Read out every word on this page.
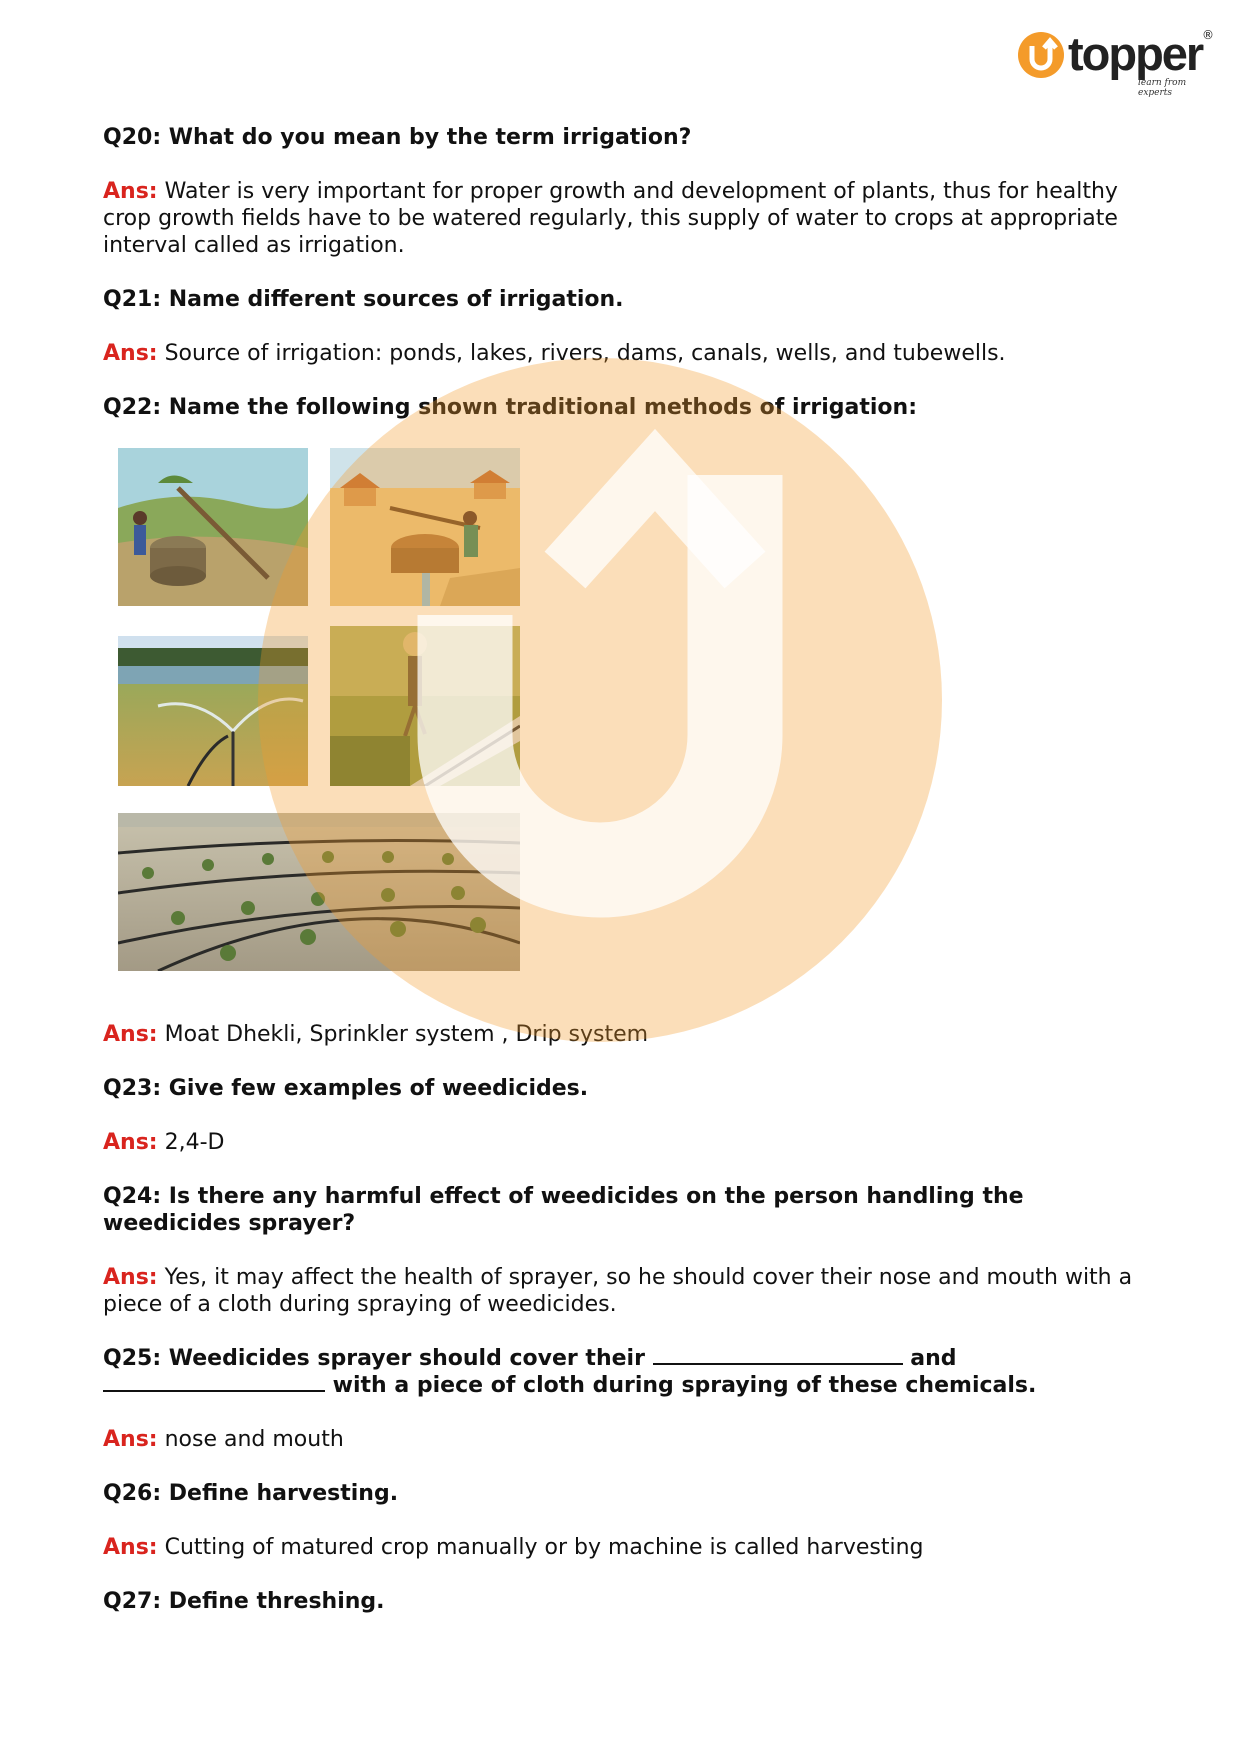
topper ®
learn from experts
Q20: What do you mean by the term irrigation?
Ans: Water is very important for proper growth and development of plants, thus for healthy crop growth fields have to be watered regularly, this supply of water to crops at appropriate interval called as irrigation.
Q21: Name different sources of irrigation.
Ans: Source of irrigation: ponds, lakes, rivers, dams, canals, wells, and tubewells.
Q22: Name the following shown traditional methods of irrigation:
Ans: Moat Dhekli, Sprinkler system , Drip system
Q23: Give few examples of weedicides.
Ans: 2,4-D
Q24: Is there any harmful effect of weedicides on the person handling the weedicides sprayer?
Ans: Yes, it may affect the health of sprayer, so he should cover their nose and mouth with a piece of a cloth during spraying of weedicides.
Q25: Weedicides sprayer should cover their	and
with a piece of cloth during spraying of these chemicals.
Ans: nose and mouth
Q26: Define harvesting.
Ans: Cutting of matured crop manually or by machine is called harvesting
Q27: Define threshing.
